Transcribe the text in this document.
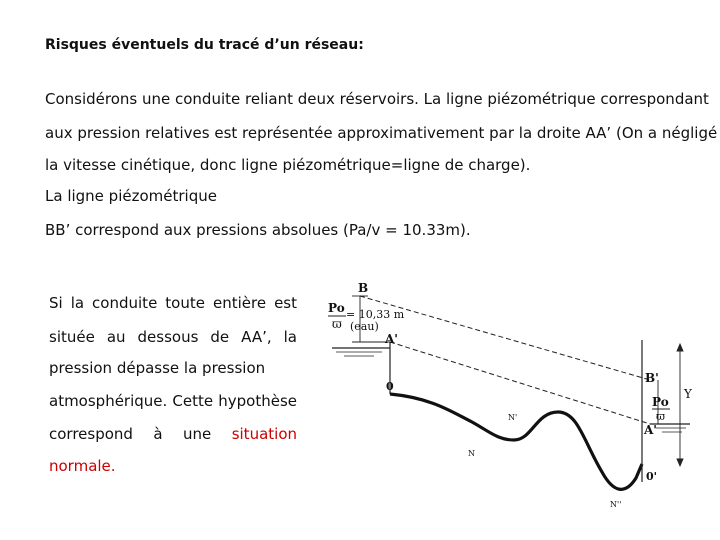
Risques éventuels du tracé d’un réseau:
Considérons une conduite reliant deux réservoirs. La ligne piézométrique correspondant
aux pression relatives est représentée approximativement par la droite AA’ (On a négligé
la vitesse cinétique, donc ligne piézométrique=ligne de charge).
La ligne piézométrique
BB’ correspond aux pressions absolues (Pa/v = 10.33m).
Si la conduite toute entière est
située au dessous de AA’, la
pression dépasse la pression
atmosphérique. Cette hypothèse
correspond à une situation
normale.
B
Po
ϖ
= 10,33 m
(eau)
A'
0
N'
N
N''
B'
Po
ϖ
A'
0'
Y
